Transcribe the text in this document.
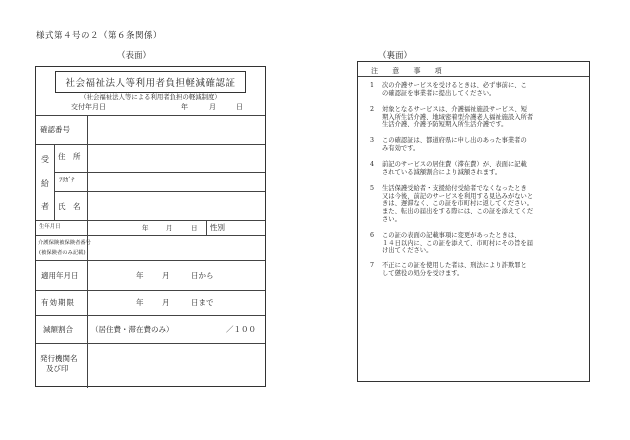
様式第４号の２（第６条関係）
（表面）	（裏面）
社会福祉法人等利用者負担軽減確認証
（社会福祉法人等による利用者負担の軽減制度）
交付年月日	年	月	日
確認番号
受
給
者
住　所
ﾌﾘｶﾞﾅ
氏　名
生年月日	年	月	日 性別
介護保険被保険者番号
(被保険者のみ記載)
適用年月日	年 月	日から
有効期限	年 月	日まで
減額割合 （居住費・滞在費のみ）	／１００
発行機関名
及び印
注 意 事 項
1 次の介護サービスを受けるときは、必ず事前に、こ
の確認証を事業者に提出してください。
2 対象となるサービスは、介護福祉施設サービス、短
期入所生活介護、地域密着型介護老人福祉施設入所者
生活介護、介護予防短期入所生活介護です。
3 この確認証は、都道府県に申し出のあった事業者の
み有効です。
4 前記のサービスの居住費（滞在費）が、表面に記載
されている減額割合により減額されます。
5 生活保護受給者・支援給付受給者でなくなったとき
又は今後、前記のサービスを利用する見込みがないと
きは、遅滞なく、この証を市町村に返してください。
また、転出の届出をする際には、この証を添えてくだ
さい。
6 この証の表面の記載事項に変更があったときは、
１４日以内に、この証を添えて、市町村にその旨を届
け出てください。
7 不正にこの証を使用した者は、刑法により詐欺罪と
して懲役の処分を受けます。
